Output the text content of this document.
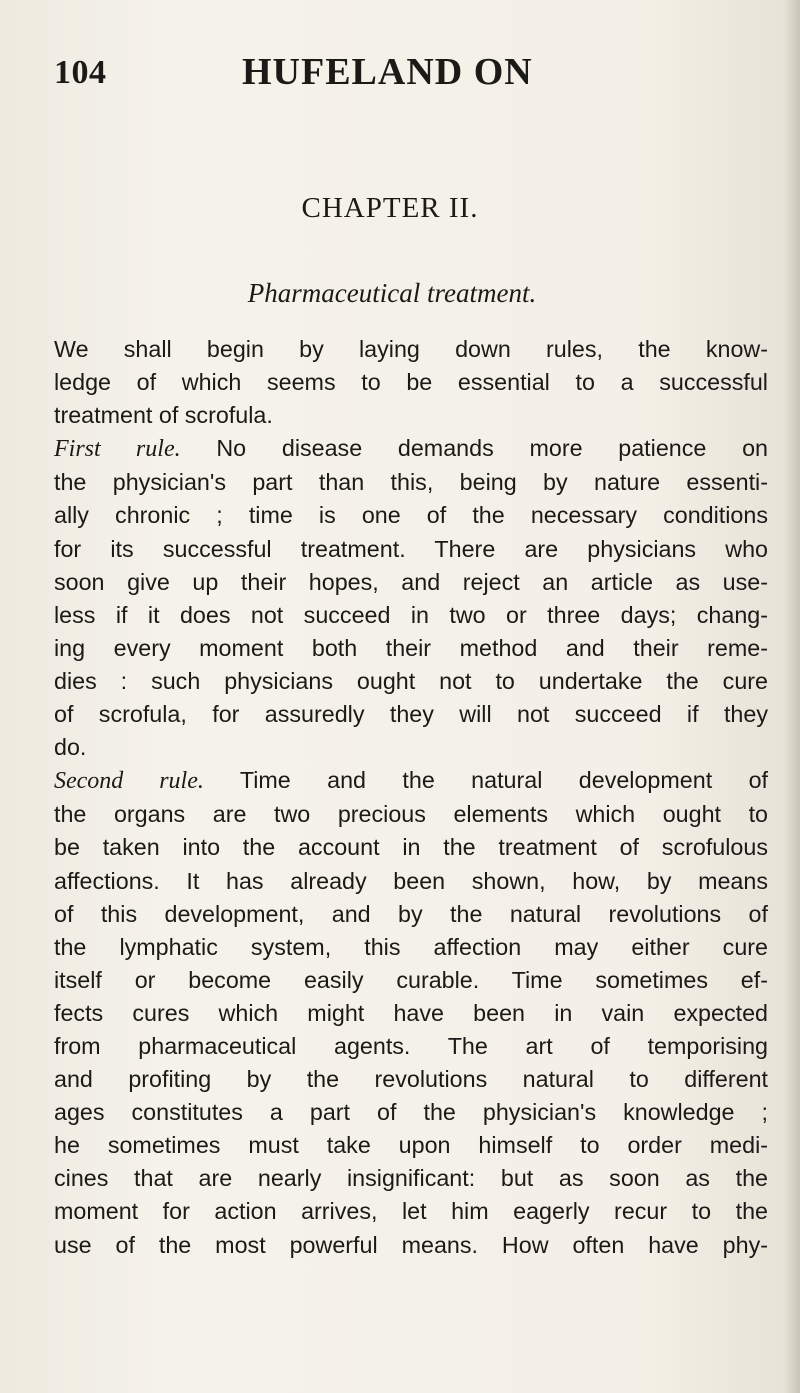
104	HUFELAND ON
CHAPTER II.
Pharmaceutical treatment.
We shall begin by laying down rules, the know-
ledge of which seems to be essential to a successful
treatment of scrofula.
First rule. No disease demands more patience on
the physician's part than this, being by nature essenti-
ally chronic ; time is one of the necessary conditions
for its successful treatment. There are physicians who
soon give up their hopes, and reject an article as use-
less if it does not succeed in two or three days; chang-
ing every moment both their method and their reme-
dies : such physicians ought not to undertake the cure
of scrofula, for assuredly they will not succeed if they
do.
Second rule. Time and the natural development of
the organs are two precious elements which ought to
be taken into the account in the treatment of scrofulous
affections. It has already been shown, how, by means
of this development, and by the natural revolutions of
the lymphatic system, this affection may either cure
itself or become easily curable. Time sometimes ef-
fects cures which might have been in vain expected
from pharmaceutical agents. The art of temporising
and profiting by the revolutions natural to different
ages constitutes a part of the physician's knowledge ;
he sometimes must take upon himself to order medi-
cines that are nearly insignificant: but as soon as the
moment for action arrives, let him eagerly recur to the
use of the most powerful means. How often have phy-
